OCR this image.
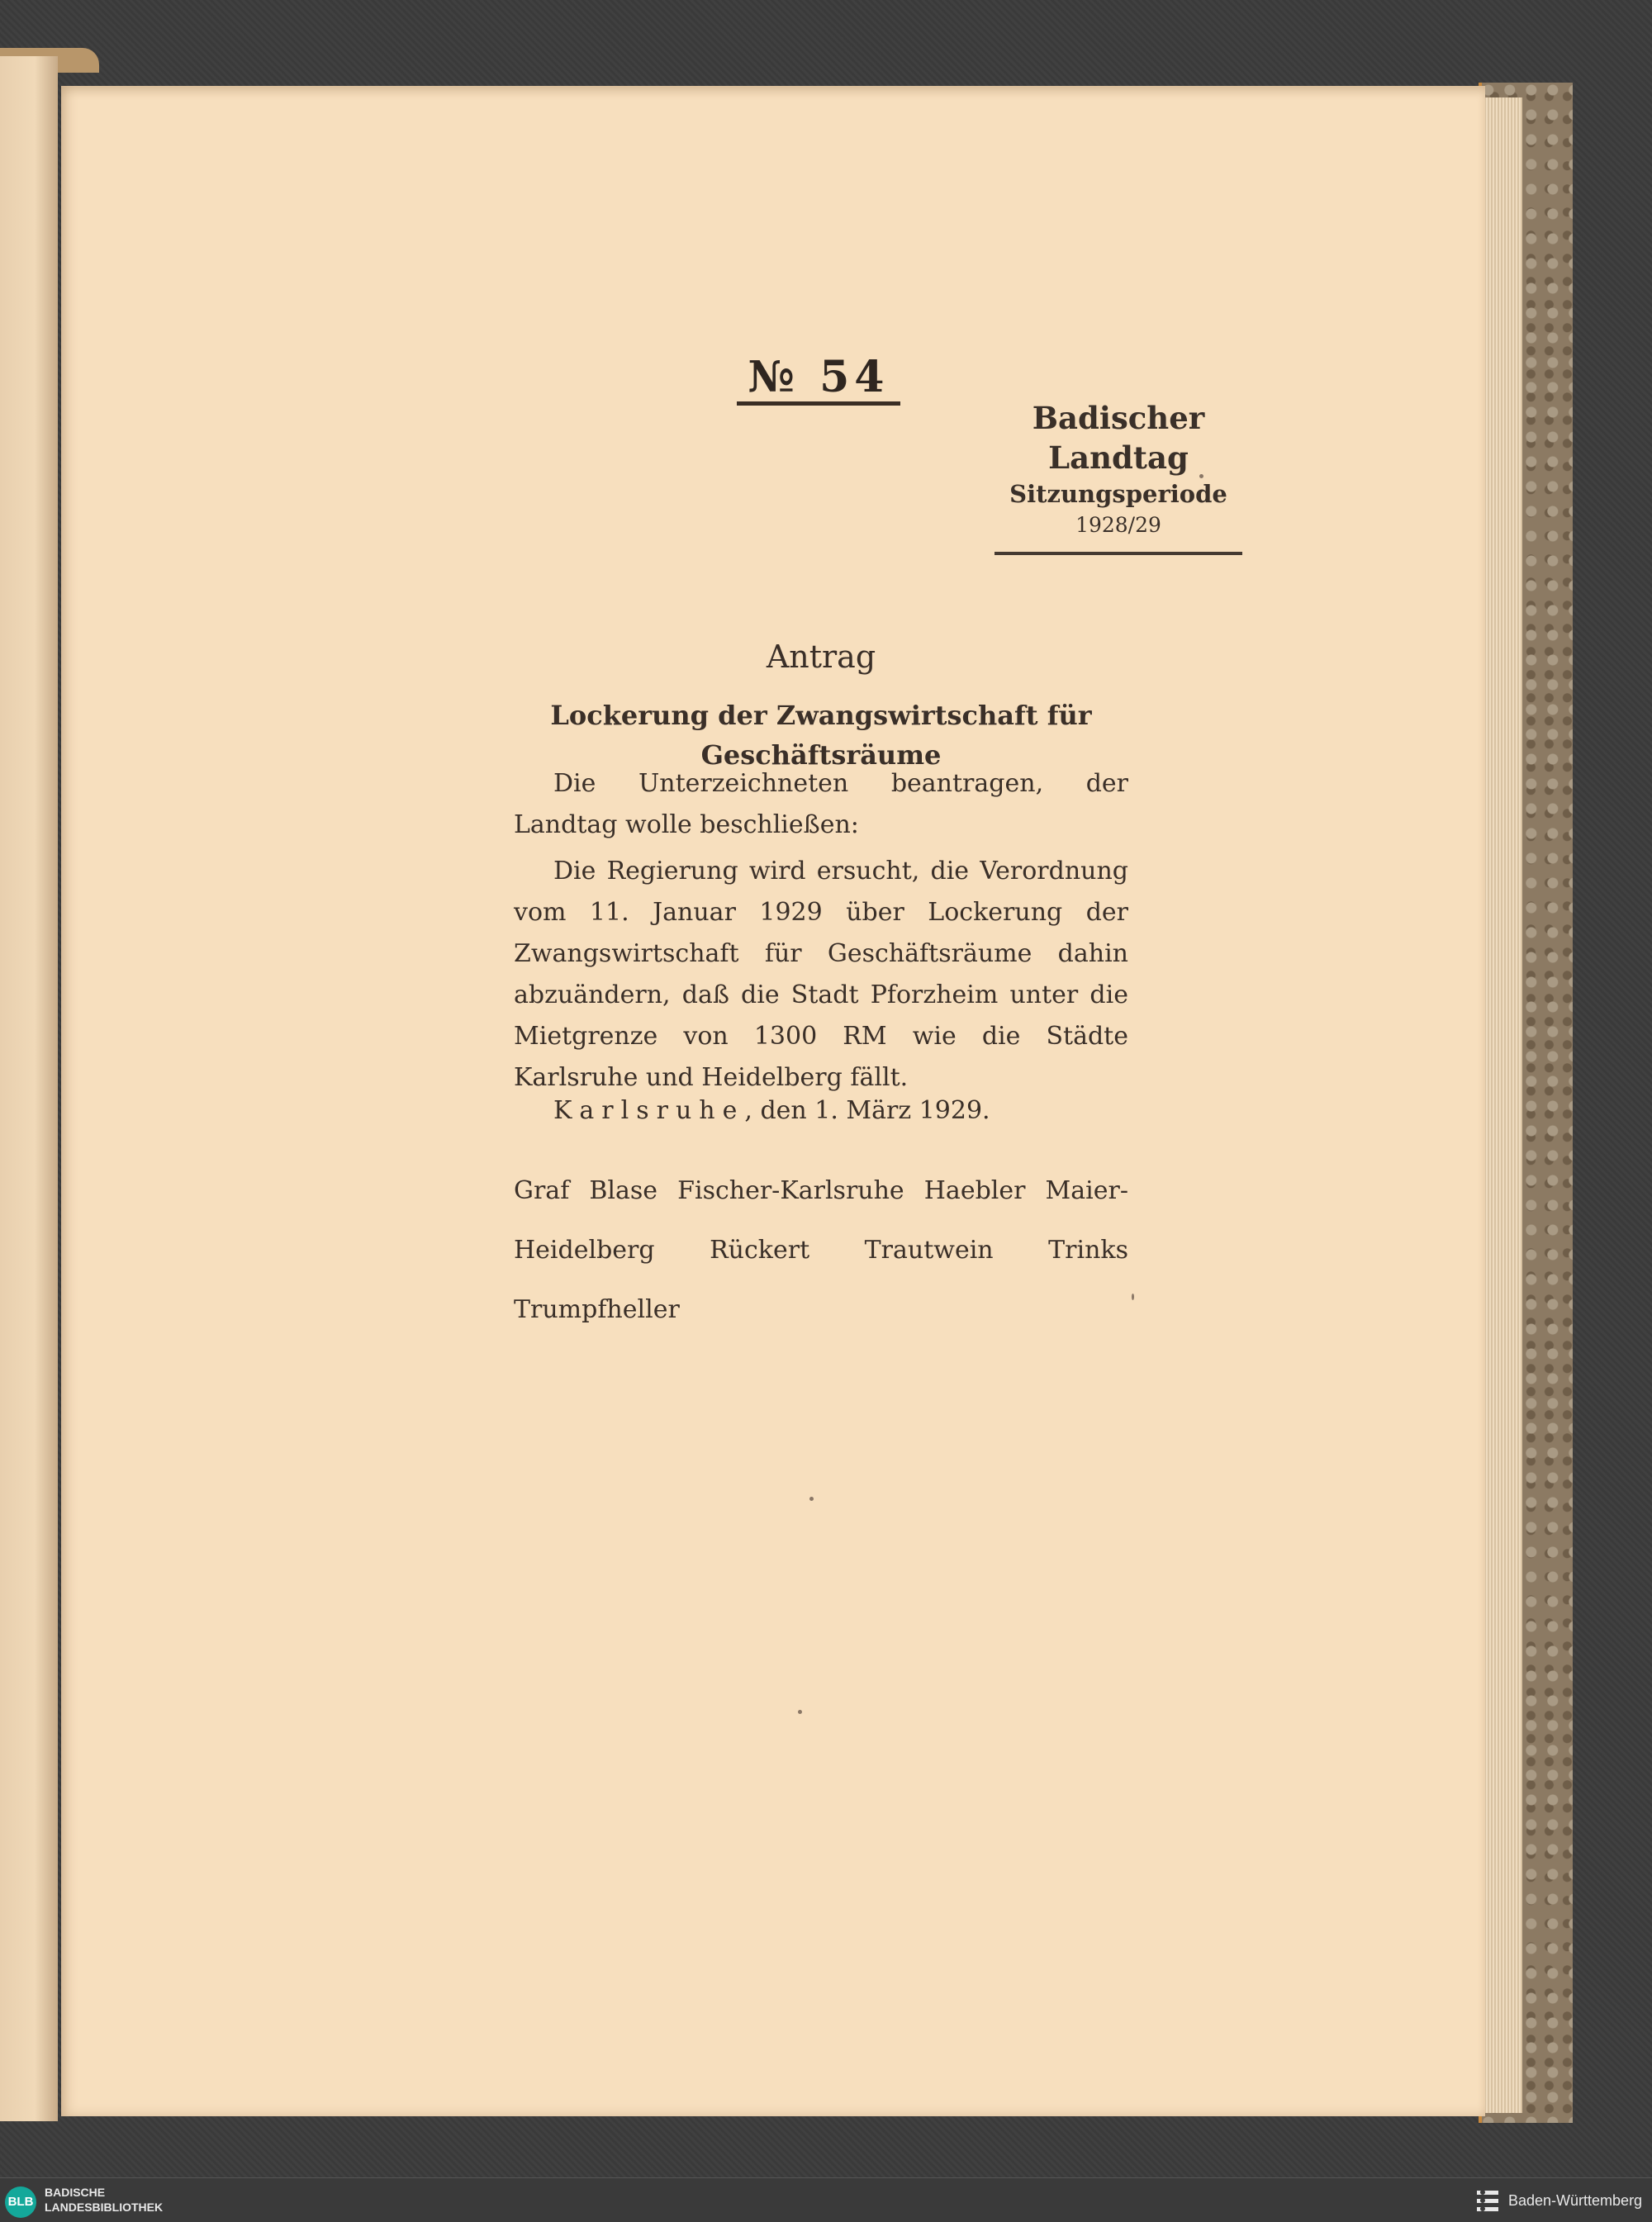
№ 54
Badischer Landtag
Sitzungsperiode
1928/29
Antrag
Lockerung der Zwangswirtschaft für Geschäftsräume
Die Unterzeichneten beantragen, der Landtag wolle beschließen:
Die Regierung wird ersucht, die Verordnung vom 11. Januar 1929 über Lockerung der Zwangswirtschaft für Geschäftsräume dahin abzuändern, daß die Stadt Pforzheim unter die Mietgrenze von 1300 RM wie die Städte Karlsruhe und Heidelberg fällt.
Karlsruhe, den 1. März 1929.
Graf Blase Fischer-Karlsruhe Haebler Maier-Heidelberg Rückert Trautwein Trinks Trumpfheller
BLB
BADISCHE
LANDESBIBLIOTHEK	Baden-Württemberg
